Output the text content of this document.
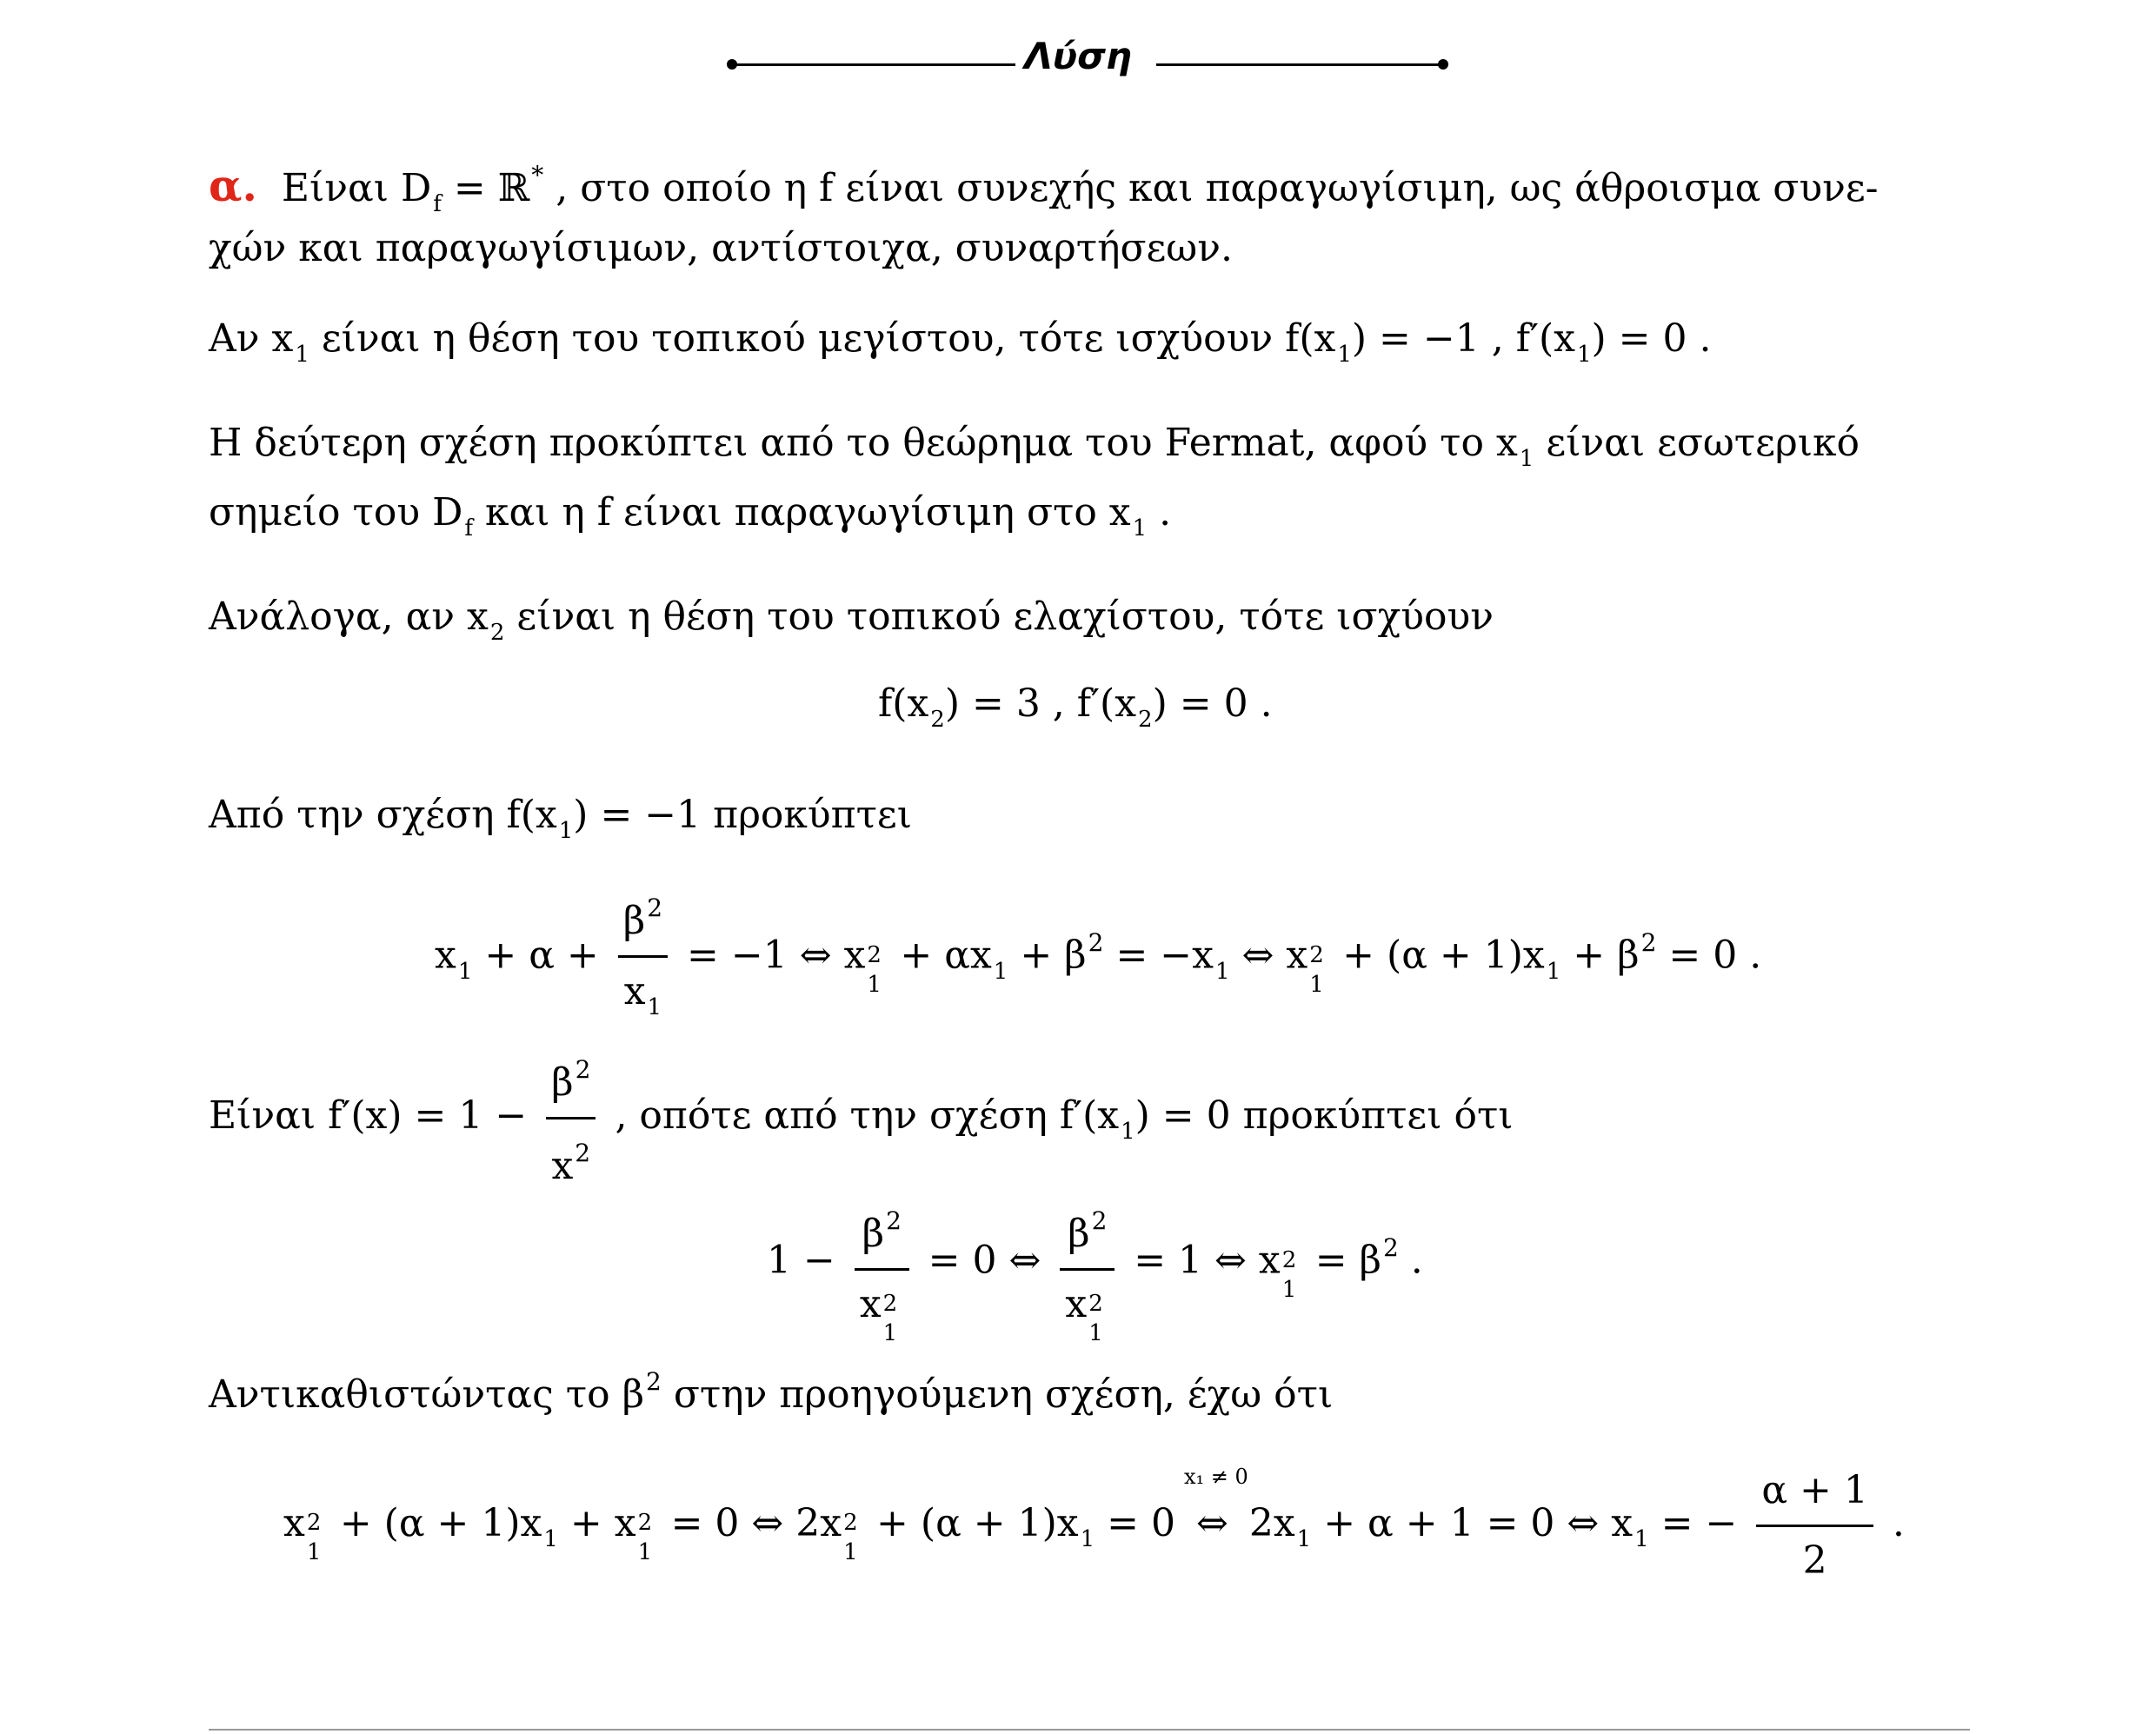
Λύση
α. Είναι $D_f$ = ℝ* , στο οποίο η f είναι συνεχής και παραγωγίσιμη, ως άθροισμα συνε-
χών και παραγωγίσιμων, αντίστοιχα, συναρτήσεων.
Αν $x_1$ είναι η θέση του τοπικού μεγίστου, τότε ισχύουν $f(x_1) = -1$ , $f'(x_1) = 0$ .
Η δεύτερη σχέση προκύπτει από το θεώρημα του Fermat, αφού το $x_1$ είναι εσωτερικό
σημείο του $D_f$ και η f είναι παραγωγίσιμη στο $x_1$ .
Ανάλογα, αν $x_2$ είναι η θέση του τοπικού ελαχίστου, τότε ισχύουν
$f(x_2) = 3$ , $f'(x_2) = 0$ .
Από την σχέση $f(x_1) = -1$ προκύπτει
$x_1 + \alpha + \frac{\beta^2}{x_1} = -1$ ⇔ x 2
1
+ $\alpha x_1 + \beta^2 = -x_1$ ⇔ x 2
1
+ $(\alpha + 1)x_1 + \beta^2 = 0$ .
Είναι $f'(x) = 1 - \frac{\beta^2}{x^2}$ , οπότε από την σχέση $f'(x_1) = 0$ προκύπτει ότι
$1 - \beta^2$
x 2
1 = 0 ⇔ $\beta^2$
x 2
1 = 1 ⇔ x 2
1
= $\beta^2$ .
Αντικαθιστώντας το $\beta^2$ στην προηγούμενη σχέση, έχω ότι
x 2
1
+ $(\alpha + 1)x_1 + x$ 2
1
= 0 ⇔ 2x 2
1
+ $(\alpha + 1)x_1 = 0$
x₁ ≠ 0
⇔ $2x_1 + \alpha + 1 = 0$ ⇔ $x_1$ = − $\frac{\alpha + 1}{2}$ .
